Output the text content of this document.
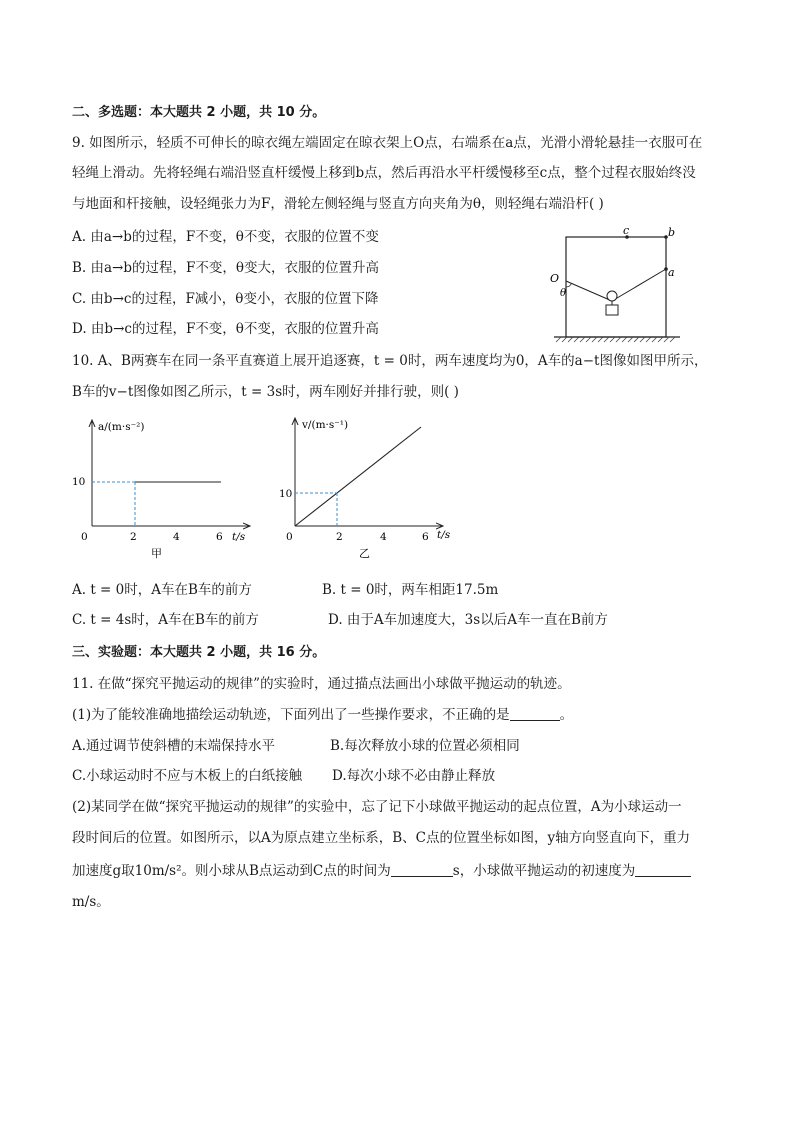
二、多选题：本大题共 2 小题，共 10 分。
9. 如图所示，轻质不可伸长的晾衣绳左端固定在晾衣架上O点，右端系在a点，光滑小滑轮悬挂一衣服可在
轻绳上滑动。先将轻绳右端沿竖直杆缓慢上移到b点，然后再沿水平杆缓慢移至c点，整个过程衣服始终没
与地面和杆接触，设轻绳张力为F，滑轮左侧轻绳与竖直方向夹角为θ，则轻绳右端沿杆( )
A. 由a→b的过程，F不变，θ不变，衣服的位置不变
B. 由a→b的过程，F不变，θ变大，衣服的位置升高
C. 由b→c的过程，F减小，θ变小，衣服的位置下降
D. 由b→c的过程，F不变，θ不变，衣服的位置升高
c	b
a
O
θ
10. A、B两赛车在同一条平直赛道上展开追逐赛，t = 0时，两车速度均为0，A车的a−t图像如图甲所示，
B车的v−t图像如图乙所示，t = 3s时，两车刚好并排行驶，则( )
a/(m·s⁻²)
t/s
10
0	2	4	6
甲
v/(m·s⁻¹)
t/s
10
0	2	4	6
乙
A. t = 0时，A车在B车的前方	B. t = 0时，两车相距17.5m
C. t = 4s时，A车在B车的前方	D. 由于A车加速度大，3s以后A车一直在B前方
三、实验题：本大题共 2 小题，共 16 分。
11. 在做“探究平抛运动的规律”的实验时，通过描点法画出小球做平抛运动的轨迹。
(1)为了能较准确地描绘运动轨迹，下面列出了一些操作要求，不正确的是	。
A.通过调节使斜槽的末端保持水平	B.每次释放小球的位置必须相同
C.小球运动时不应与木板上的白纸接触 D.每次小球不必由静止释放
(2)某同学在做“探究平抛运动的规律”的实验中，忘了记下小球做平抛运动的起点位置，A为小球运动一
段时间后的位置。如图所示，以A为原点建立坐标系，B、C点的位置坐标如图，y轴方向竖直向下，重力
加速度g取10m/s²。则小球从B点运动到C点的时间为	s，小球做平抛运动的初速度为
m/s。
